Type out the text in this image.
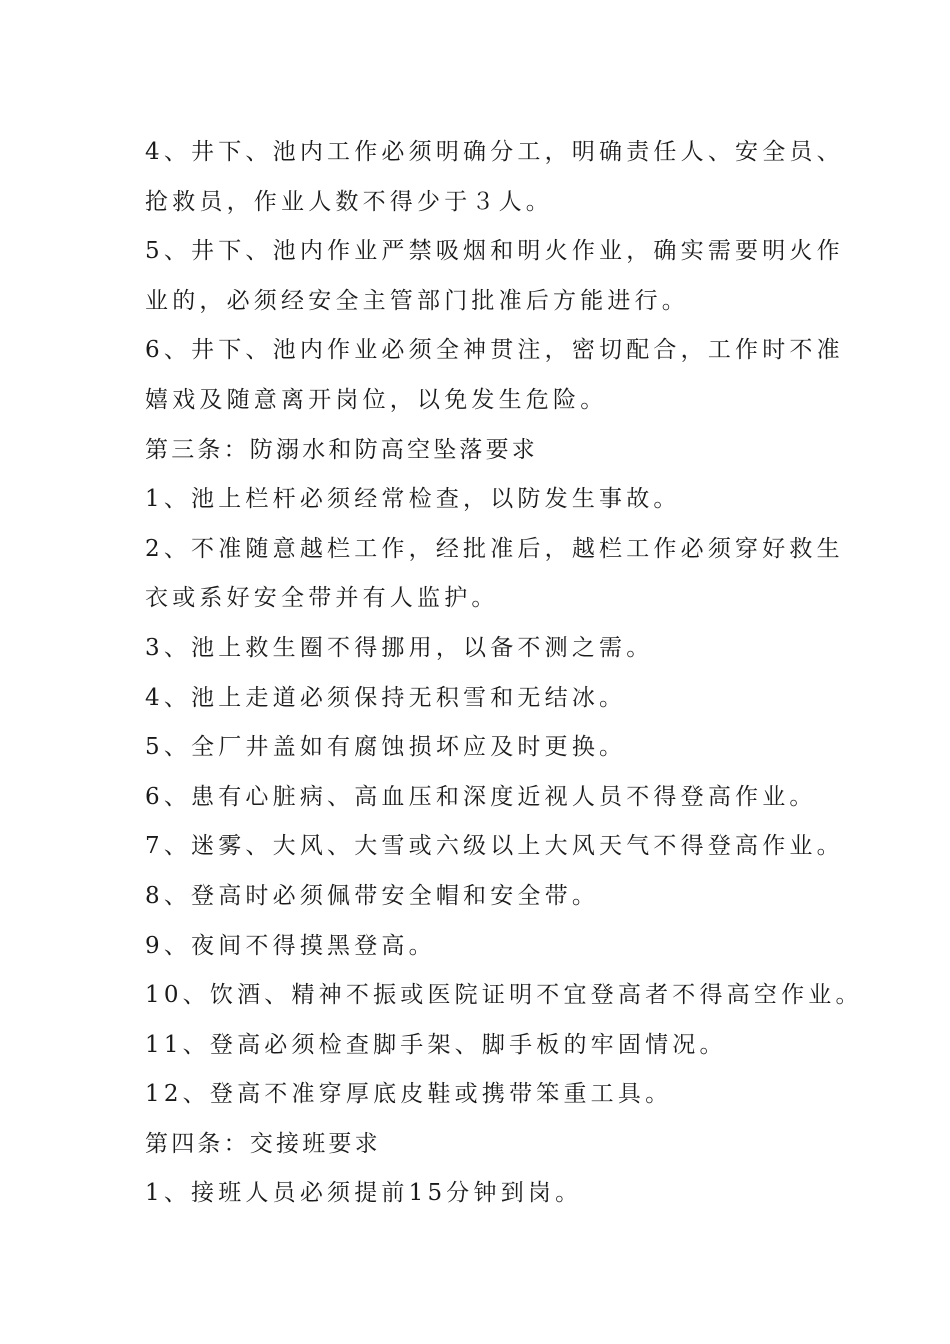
4、井下、池内工作必须明确分工，明确责任人、安全员、
抢救员，作业人数不得少于３人。
5、井下、池内作业严禁吸烟和明火作业，确实需要明火作
业的，必须经安全主管部门批准后方能进行。
6、井下、池内作业必须全神贯注，密切配合，工作时不准
嬉戏及随意离开岗位，以免发生危险。
第三条：防溺水和防高空坠落要求
1、池上栏杆必须经常检查，以防发生事故。
2、不准随意越栏工作，经批准后，越栏工作必须穿好救生
衣或系好安全带并有人监护。
3、池上救生圈不得挪用，以备不测之需。
4、池上走道必须保持无积雪和无结冰。
5、全厂井盖如有腐蚀损坏应及时更换。
6、患有心脏病、高血压和深度近视人员不得登高作业。
7、迷雾、大风、大雪或六级以上大风天气不得登高作业。
8、登高时必须佩带安全帽和安全带。
9、夜间不得摸黑登高。
10、饮酒、精神不振或医院证明不宜登高者不得高空作业。
11、登高必须检查脚手架、脚手板的牢固情况。
12、登高不准穿厚底皮鞋或携带笨重工具。
第四条：交接班要求
1、接班人员必须提前15分钟到岗。
